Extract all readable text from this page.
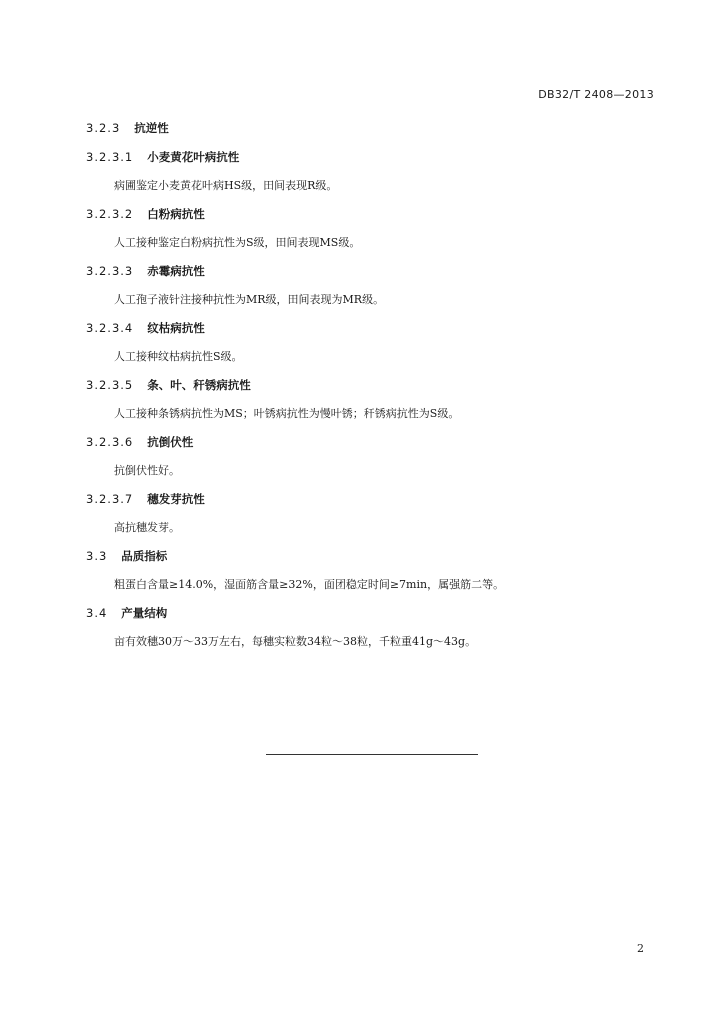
DB32/T 2408—2013
3.2.3 抗逆性
3.2.3.1 小麦黄花叶病抗性
病圃鉴定小麦黄花叶病HS级，田间表现R级。
3.2.3.2 白粉病抗性
人工接种鉴定白粉病抗性为S级，田间表现MS级。
3.2.3.3 赤霉病抗性
人工孢子液针注接种抗性为MR级，田间表现为MR级。
3.2.3.4 纹枯病抗性
人工接种纹枯病抗性S级。
3.2.3.5 条、叶、秆锈病抗性
人工接种条锈病抗性为MS；叶锈病抗性为慢叶锈；秆锈病抗性为S级。
3.2.3.6 抗倒伏性
抗倒伏性好。
3.2.3.7 穗发芽抗性
高抗穗发芽。
3.3 品质指标
粗蛋白含量≥14.0%，湿面筋含量≥32%，面团稳定时间≥7min，属强筋二等。
3.4 产量结构
亩有效穗30万～33万左右，每穗实粒数34粒～38粒，千粒重41g～43g。
2
